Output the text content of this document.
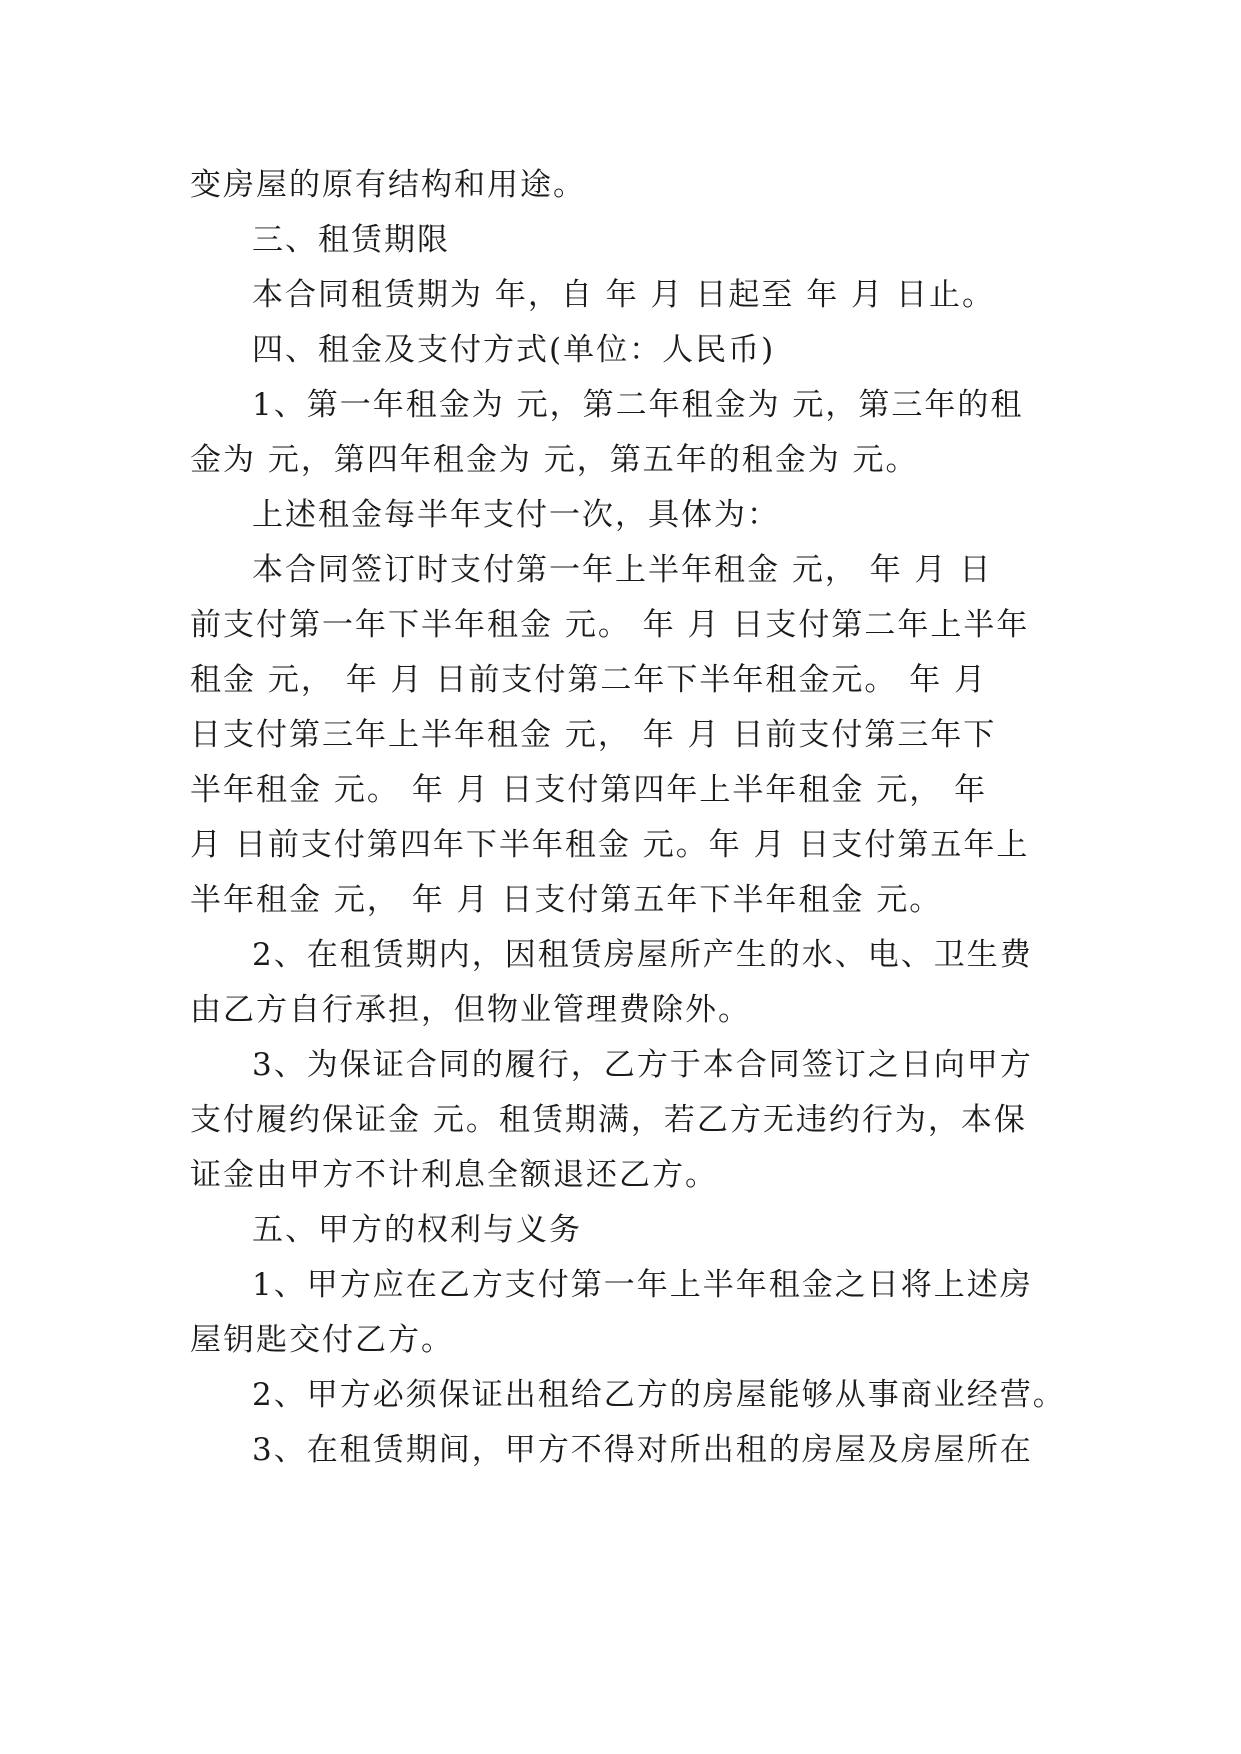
变房屋的原有结构和用途。
三、租赁期限
本合同租赁期为 年，自 年 月 日起至 年 月 日止。
四、租金及支付方式(单位：人民币)
1、第一年租金为 元，第二年租金为 元，第三年的租
金为 元，第四年租金为 元，第五年的租金为 元。
上述租金每半年支付一次，具体为：
本合同签订时支付第一年上半年租金 元， 年 月 日
前支付第一年下半年租金 元。 年 月 日支付第二年上半年
租金 元， 年 月 日前支付第二年下半年租金元。 年 月
日支付第三年上半年租金 元， 年 月 日前支付第三年下
半年租金 元。 年 月 日支付第四年上半年租金 元， 年
月 日前支付第四年下半年租金 元。年 月 日支付第五年上
半年租金 元， 年 月 日支付第五年下半年租金 元。
2、在租赁期内，因租赁房屋所产生的水、电、卫生费
由乙方自行承担，但物业管理费除外。
3、为保证合同的履行，乙方于本合同签订之日向甲方
支付履约保证金 元。租赁期满，若乙方无违约行为，本保
证金由甲方不计利息全额退还乙方。
五、甲方的权利与义务
1、甲方应在乙方支付第一年上半年租金之日将上述房
屋钥匙交付乙方。
2、甲方必须保证出租给乙方的房屋能够从事商业经营。
3、在租赁期间，甲方不得对所出租的房屋及房屋所在
